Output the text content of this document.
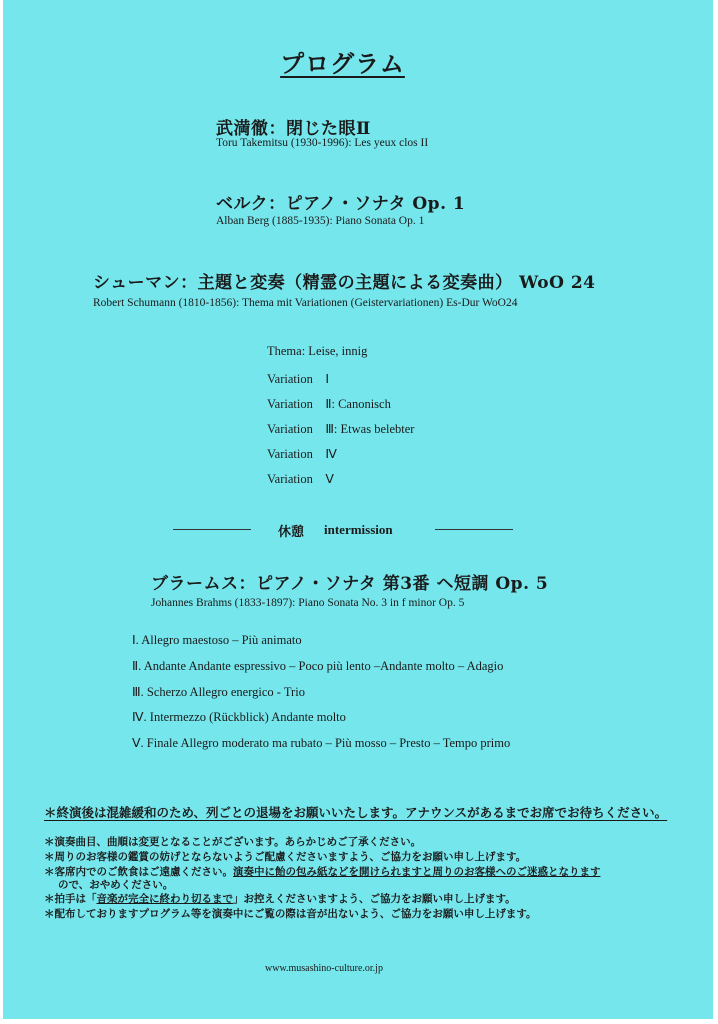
プログラム
武満徹：閉じた眼Ⅱ
Toru Takemitsu (1930-1996): Les yeux clos II
ベルク：ピアノ・ソナタ Op. 1
Alban Berg (1885-1935): Piano Sonata Op. 1
シューマン：主題と変奏（精霊の主題による変奏曲） WoO 24
Robert Schumann (1810-1856): Thema mit Variationen (Geistervariationen) Es-Dur WoO24
Thema: Leise, innig
Variation　Ⅰ
Variation　Ⅱ: Canonisch
Variation　Ⅲ: Etwas belebter
Variation　Ⅳ
Variation　Ⅴ
休憩 intermission
ブラームス：ピアノ・ソナタ 第3番 ヘ短調 Op. 5
Johannes Brahms (1833-1897): Piano Sonata No. 3 in f minor Op. 5
Ⅰ. Allegro maestoso – Più animato
Ⅱ. Andante Andante espressivo – Poco più lento –Andante molto – Adagio
Ⅲ. Scherzo Allegro energico - Trio
Ⅳ. Intermezzo (Rückblick) Andante molto
Ⅴ. Finale Allegro moderato ma rubato – Più mosso – Presto – Tempo primo
＊終演後は混雑緩和のため、列ごとの退場をお願いいたします。アナウンスがあるまでお席でお待ちください。
＊演奏曲目、曲順は変更となることがございます。あらかじめご了承ください。
＊周りのお客様の鑑賞の妨げとならないようご配慮くださいますよう、ご協力をお願い申し上げます。
＊客席内でのご飲食はご遠慮ください。演奏中に飴の包み紙などを開けられますと周りのお客様へのご迷惑となります
ので、おやめください。
＊拍手は「音楽が完全に終わり切るまで」お控えくださいますよう、ご協力をお願い申し上げます。
＊配布しておりますプログラム等を演奏中にご覧の際は音が出ないよう、ご協力をお願い申し上げます。
www.musashino-culture.or.jp
